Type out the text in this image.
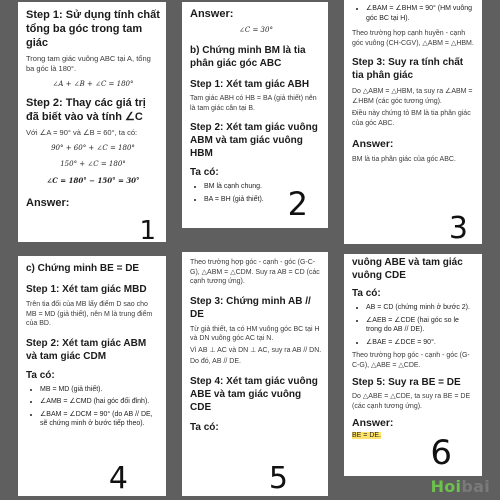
Step 1: Sử dụng tính chất tổng ba góc trong tam giác

Trong tam giác vuông ABC tại A, tổng ba góc là 180°.

∠A + ∠B + ∠C = 180°

Step 2: Thay các giá trị đã biết vào và tính ∠C

Với ∠A = 90° và ∠B = 60°, ta có:

90° + 60° + ∠C = 180°

150° + ∠C = 180°

∠C = 180° − 150° = 30°

Answer:
1
Answer:

∠C = 30°

b) Chứng minh BM là tia phân giác góc ABC
Step 1: Xét tam giác ABH

Tam giác ABH có HB = BA (giả thiết) nên là tam giác cân tại B.

Step 2: Xét tam giác vuông ABM và tam giác vuông HBM
Ta có:
• BM là cạnh chung.
• BA = BH (giả thiết). 2
• ∠BAM = ∠BHM = 90° (HM vuông góc BC tại H).

Theo trường hợp cạnh huyền - cạnh góc vuông (CH-CGV), △ABM = △HBM.

Step 3: Suy ra tính chất tia phân giác

Do △ABM = △HBM, ta suy ra ∠ABM = ∠HBM (các góc tương ứng).

Điều này chứng tỏ BM là tia phân giác của góc ABC.

Answer:

BM là tia phân giác của góc ABC.

3
c) Chứng minh BE = DE
Step 1: Xét tam giác MBD

Trên tia đối của MB lấy điểm D sao cho MB = MD (giả thiết), nên M là trung điểm của BD.

Step 2: Xét tam giác ABM và tam giác CDM
Ta có:
• MB = MD (giả thiết).
• ∠AMB = ∠CMD (hai góc đối đỉnh).
• ∠BAM = ∠DCM = 90° (do AB // DE, sẽ chứng minh ở bước tiếp theo).
4

Theo trường hợp góc - cạnh - góc (G-C-G), △ABM = △CDM. Suy ra AB = CD (các cạnh tương ứng).

Step 3: Chứng minh AB // DE

Từ giả thiết, ta có HM vuông góc BC tại H và DN vuông góc AC tại N.

Vì AB ⊥ AC và DN ⊥ AC, suy ra AB // DN.

Do đó, AB // DE.

Step 4: Xét tam giác vuông ABE và tam giác vuông CDE
Ta có:
5
vuông ABE và tam giác vuông CDE
Ta có:
• AB = CD (chứng minh ở bước 2).
• ∠AEB = ∠CDE (hai góc so le trong do AB // DE).
• ∠BAE = ∠DCE = 90°.

Theo trường hợp góc - cạnh - góc (G-C-G), △ABE = △CDE.

Step 5: Suy ra BE = DE

Do △ABE = △CDE, ta suy ra BE = DE (các cạnh tương ứng).

Answer:

BE = DE.	6
Hoibai
